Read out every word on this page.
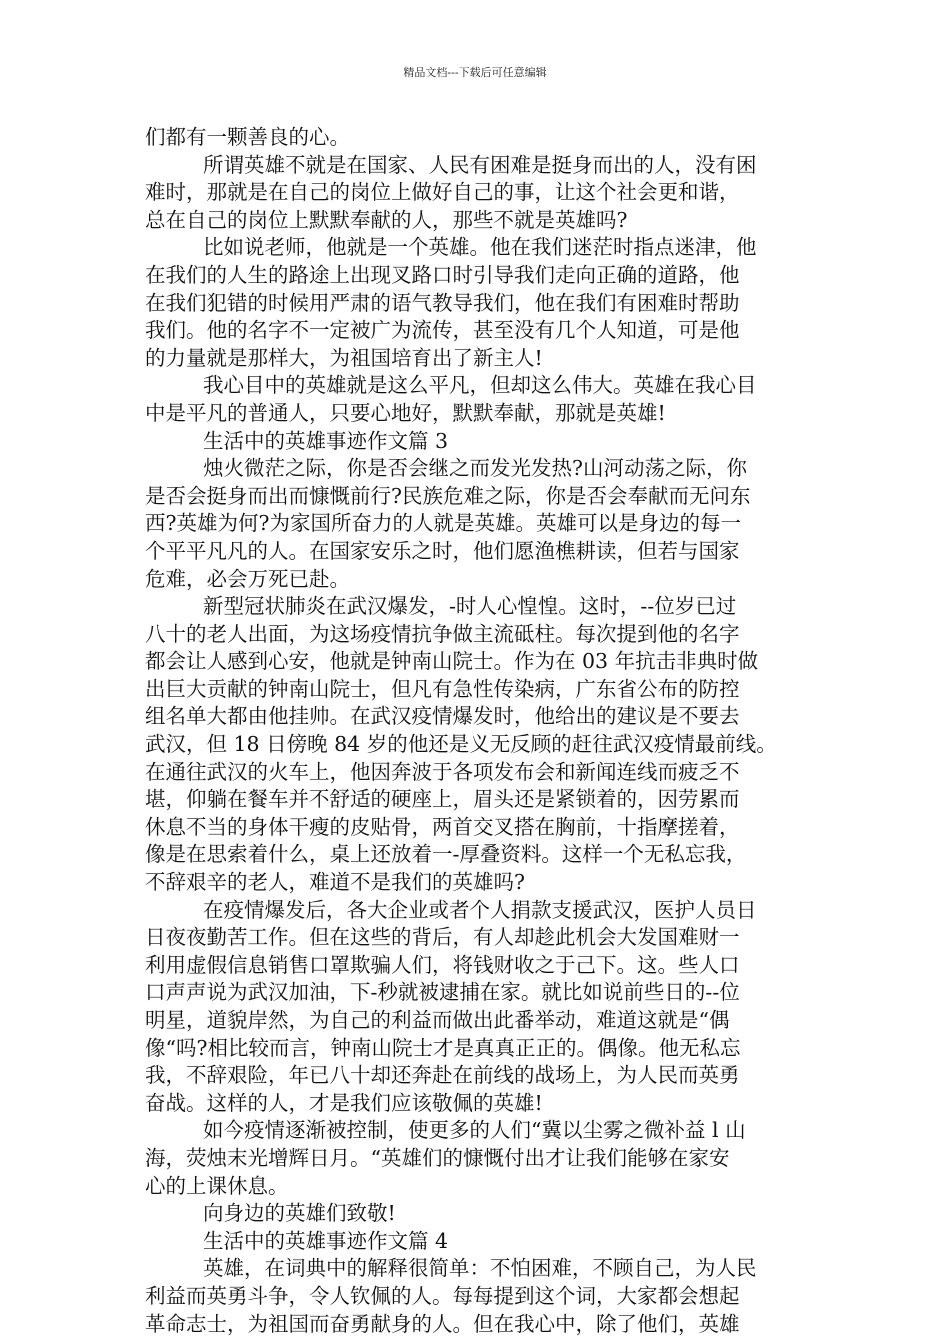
精品文档---下载后可任意编辑
们都有一颗善良的心。
所谓英雄不就是在国家、人民有困难是挺身而出的人，没有困
难时，那就是在自己的岗位上做好自己的事，让这个社会更和谐，
总在自己的岗位上默默奉献的人，那些不就是英雄吗?
比如说老师，他就是一个英雄。他在我们迷茫时指点迷津，他
在我们的人生的路途上出现叉路口时引导我们走向正确的道路，他
在我们犯错的时候用严肃的语气教导我们，他在我们有困难时帮助
我们。他的名字不一定被广为流传，甚至没有几个人知道，可是他
的力量就是那样大，为祖国培育出了新主人!
我心目中的英雄就是这么平凡，但却这么伟大。英雄在我心目
中是平凡的普通人，只要心地好，默默奉献，那就是英雄!
生活中的英雄事迹作文篇 3
烛火微茫之际，你是否会继之而发光发热?山河动荡之际，你
是否会挺身而出而慷慨前行?民族危难之际，你是否会奉献而无问东
西?英雄为何?为家国所奋力的人就是英雄。英雄可以是身边的每一
个平平凡凡的人。在国家安乐之时，他们愿渔樵耕读，但若与国家
危难，必会万死已赴。
新型冠状肺炎在武汉爆发，-时人心惶惶。这时，--位岁已过
八十的老人出面，为这场疫情抗争做主流砥柱。每次提到他的名字
都会让人感到心安，他就是钟南山院士。作为在 03 年抗击非典时做
出巨大贡献的钟南山院士，但凡有急性传染病，广东省公布的防控
组名单大都由他挂帅。在武汉疫情爆发时，他给出的建议是不要去
武汉，但 18 日傍晚 84 岁的他还是义无反顾的赶往武汉疫情最前线。
在通往武汉的火车上，他因奔波于各项发布会和新闻连线而疲乏不
堪，仰躺在餐车并不舒适的硬座上，眉头还是紧锁着的，因劳累而
休息不当的身体干瘦的皮贴骨，两首交叉搭在胸前，十指摩搓着，
像是在思索着什么，桌上还放着一-厚叠资料。这样一个无私忘我，
不辞艰辛的老人，难道不是我们的英雄吗?
在疫情爆发后，各大企业或者个人捐款支援武汉，医护人员日
日夜夜勤苦工作。但在这些的背后，有人却趁此机会大发国难财一
利用虚假信息销售口罩欺骗人们，将钱财收之于己下。这。些人口
口声声说为武汉加油，下-秒就被逮捕在家。就比如说前些日的--位
明星，道貌岸然，为自己的利益而做出此番举动，难道这就是“偶
像“吗?相比较而言，钟南山院士才是真真正正的。偶像。他无私忘
我，不辞艰险，年已八十却还奔赴在前线的战场上，为人民而英勇
奋战。这样的人，才是我们应该敬佩的英雄!
如今疫情逐渐被控制，使更多的人们“冀以尘雾之微补益 l 山
海，荧烛末光增辉日月。“英雄们的慷慨付出才让我们能够在家安
心的上课休息。
向身边的英雄们致敬!
生活中的英雄事迹作文篇 4
英雄，在词典中的解释很简单：不怕困难，不顾自己，为人民
利益而英勇斗争，令人钦佩的人。每每提到这个词，大家都会想起
革命志士，为祖国而奋勇献身的人。但在我心中，除了他们，英雄
